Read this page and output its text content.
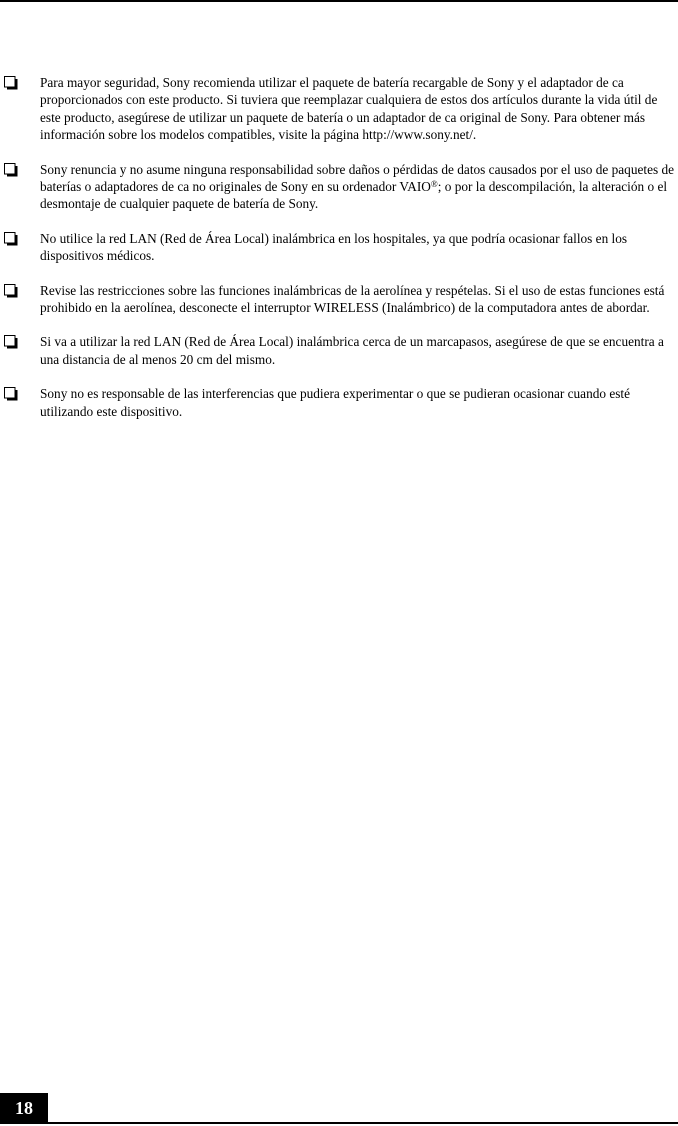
Para mayor seguridad, Sony recomienda utilizar el paquete de batería recargable de Sony y el adaptador de ca proporcionados con este producto. Si tuviera que reemplazar cualquiera de estos dos artículos durante la vida útil de este producto, asegúrese de utilizar un paquete de batería o un adaptador de ca original de Sony. Para obtener más información sobre los modelos compatibles, visite la página http://www.sony.net/.
Sony renuncia y no asume ninguna responsabilidad sobre daños o pérdidas de datos causados por el uso de paquetes de baterías o adaptadores de ca no originales de Sony en su ordenador VAIO®; o por la descompilación, la alteración o el desmontaje de cualquier paquete de batería de Sony.
No utilice la red LAN (Red de Área Local) inalámbrica en los hospitales, ya que podría ocasionar fallos en los dispositivos médicos.
Revise las restricciones sobre las funciones inalámbricas de la aerolínea y respételas. Si el uso de estas funciones está prohibido en la aerolínea, desconecte el interruptor WIRELESS (Inalámbrico) de la computadora antes de abordar.
Si va a utilizar la red LAN (Red de Área Local) inalámbrica cerca de un marcapasos, asegúrese de que se encuentra a una distancia de al menos 20 cm del mismo.
Sony no es responsable de las interferencias que pudiera experimentar o que se pudieran ocasionar cuando esté utilizando este dispositivo.
18
